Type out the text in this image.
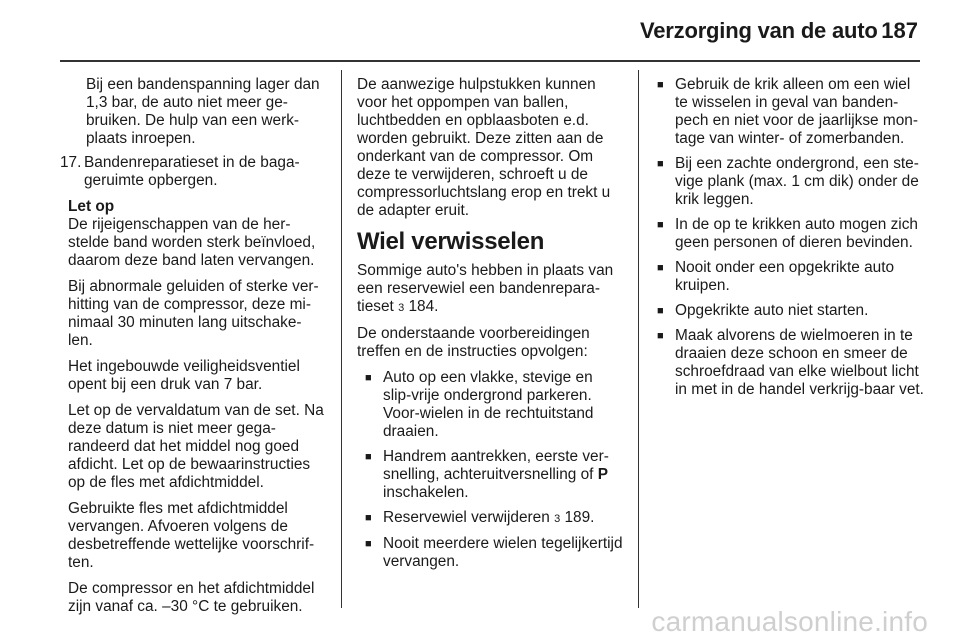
Verzorging van de auto 187

Bij een bandenspanning lager dan 1,3 bar, de auto niet meer ge-bruiken. De hulp van een werk-plaats inroepen.

17. Bandenreparatieset in de baga-geruimte opbergen.

Let op

De rijeigenschappen van de her-stelde band worden sterk beïnvloed, daarom deze band laten vervangen.

Bij abnormale geluiden of sterke ver-hitting van de compressor, deze mi-nimaal 30 minuten lang uitschake-len.

Het ingebouwde veiligheidsventiel opent bij een druk van 7 bar.

Let op de vervaldatum van de set. Na deze datum is niet meer gega-randeerd dat het middel nog goed afdicht. Let op de bewaarinstructies op de fles met afdichtmiddel.

Gebruikte fles met afdichtmiddel vervangen. Afvoeren volgens de desbetreffende wettelijke voorschrif-ten.

De compressor en het afdichtmiddel zijn vanaf ca. –30 °C te gebruiken.

De aanwezige hulpstukken kunnen voor het oppompen van ballen, luchtbedden en opblaasboten e.d. worden gebruikt. Deze zitten aan de onderkant van de compressor. Om deze te verwijderen, schroeft u de compressorluchtslang erop en trekt u de adapter eruit.

Wiel verwisselen

Sommige auto's hebben in plaats van een reservewiel een bandenrepara-tieset 3 184.

De onderstaande voorbereidingen treffen en de instructies opvolgen:

■ Auto op een vlakke, stevige en slip-vrije ondergrond parkeren. Voor-wielen in de rechtuitstand draaien.
■ Handrem aantrekken, eerste ver-snelling, achteruitversnelling of P inschakelen.
■ Reservewiel verwijderen 3 189.
■ Nooit meerdere wielen tegelijkertijd vervangen.
■ Gebruik de krik alleen om een wiel te wisselen in geval van banden-pech en niet voor de jaarlijkse mon-tage van winter- of zomerbanden.
■ Bij een zachte ondergrond, een ste-vige plank (max. 1 cm dik) onder de krik leggen.
■ In de op te krikken auto mogen zich geen personen of dieren bevinden.
■ Nooit onder een opgekrikte auto kruipen.
■ Opgekrikte auto niet starten.
■ Maak alvorens de wielmoeren in te draaien deze schoon en smeer de schroefdraad van elke wielbout licht in met in de handel verkrijg-baar vet.
carmanualsonline.info
